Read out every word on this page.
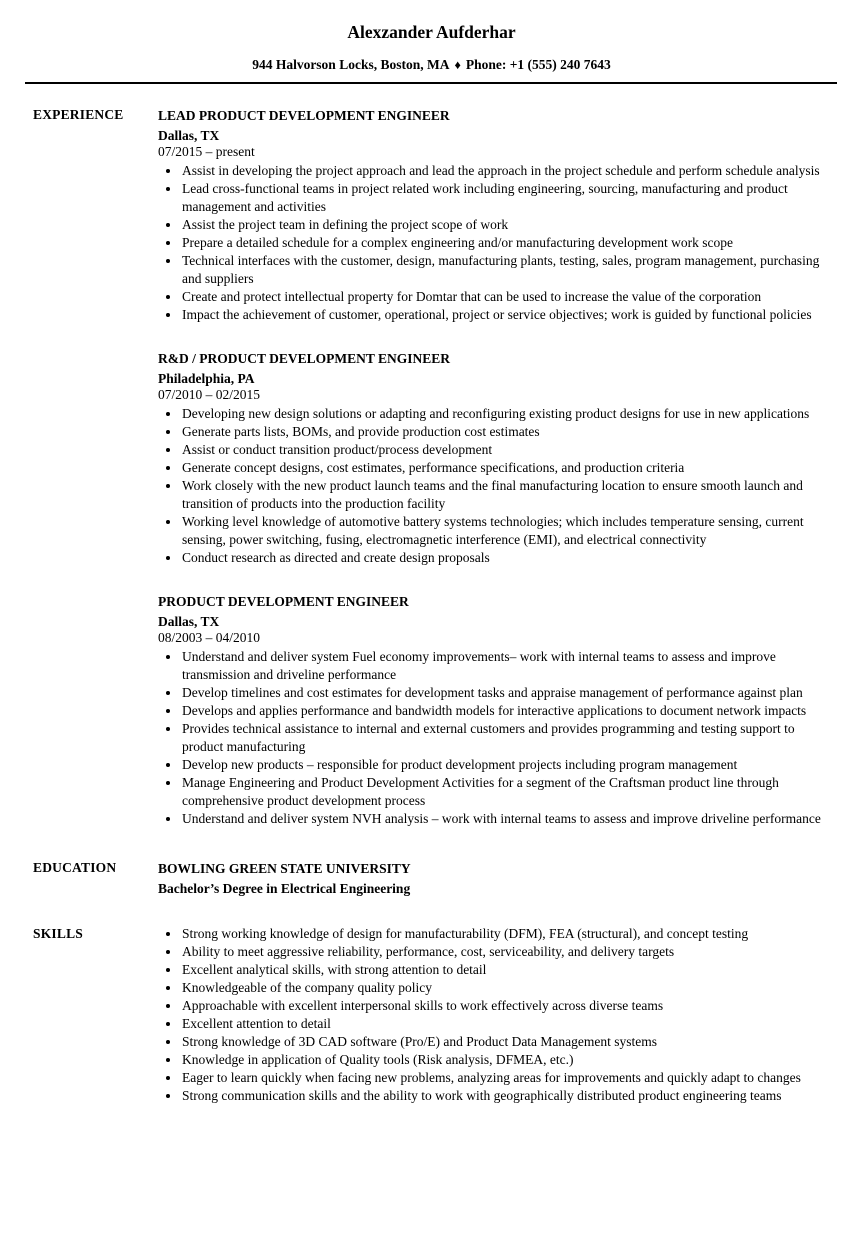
Alexzander Aufderhar
944 Halvorson Locks, Boston, MA ♦ Phone: +1 (555) 240 7643
EXPERIENCE	LEAD PRODUCT DEVELOPMENT ENGINEER
Dallas, TX
07/2015 – present
• Assist in developing the project approach and lead the approach in the project schedule and perform schedule analysis
• Lead cross-functional teams in project related work including engineering, sourcing, manufacturing and product management and activities
• Assist the project team in defining the project scope of work
• Prepare a detailed schedule for a complex engineering and/or manufacturing development work scope
• Technical interfaces with the customer, design, manufacturing plants, testing, sales, program management, purchasing and suppliers
• Create and protect intellectual property for Domtar that can be used to increase the value of the corporation
• Impact the achievement of customer, operational, project or service objectives; work is guided by functional policies
R&D / PRODUCT DEVELOPMENT ENGINEER
Philadelphia, PA
07/2010 – 02/2015
• Developing new design solutions or adapting and reconfiguring existing product designs for use in new applications
• Generate parts lists, BOMs, and provide production cost estimates
• Assist or conduct transition product/process development
• Generate concept designs, cost estimates, performance specifications, and production criteria
• Work closely with the new product launch teams and the final manufacturing location to ensure smooth launch and transition of products into the production facility
• Working level knowledge of automotive battery systems technologies; which includes temperature sensing, current sensing, power switching, fusing, electromagnetic interference (EMI), and electrical connectivity
• Conduct research as directed and create design proposals
PRODUCT DEVELOPMENT ENGINEER
Dallas, TX
08/2003 – 04/2010
• Understand and deliver system Fuel economy improvements– work with internal teams to assess and improve transmission and driveline performance
• Develop timelines and cost estimates for development tasks and appraise management of performance against plan
• Develops and applies performance and bandwidth models for interactive applications to document network impacts
• Provides technical assistance to internal and external customers and provides programming and testing support to product manufacturing
• Develop new products – responsible for product development projects including program management
• Manage Engineering and Product Development Activities for a segment of the Craftsman product line through comprehensive product development process
• Understand and deliver system NVH analysis – work with internal teams to assess and improve driveline performance
EDUCATION	BOWLING GREEN STATE UNIVERSITY
Bachelor’s Degree in Electrical Engineering
SKILLS	• Strong working knowledge of design for manufacturability (DFM), FEA (structural), and concept testing
• Ability to meet aggressive reliability, performance, cost, serviceability, and delivery targets
• Excellent analytical skills, with strong attention to detail
• Knowledgeable of the company quality policy
• Approachable with excellent interpersonal skills to work effectively across diverse teams
• Excellent attention to detail
• Strong knowledge of 3D CAD software (Pro/E) and Product Data Management systems
• Knowledge in application of Quality tools (Risk analysis, DFMEA, etc.)
• Eager to learn quickly when facing new problems, analyzing areas for improvements and quickly adapt to changes
• Strong communication skills and the ability to work with geographically distributed product engineering teams
